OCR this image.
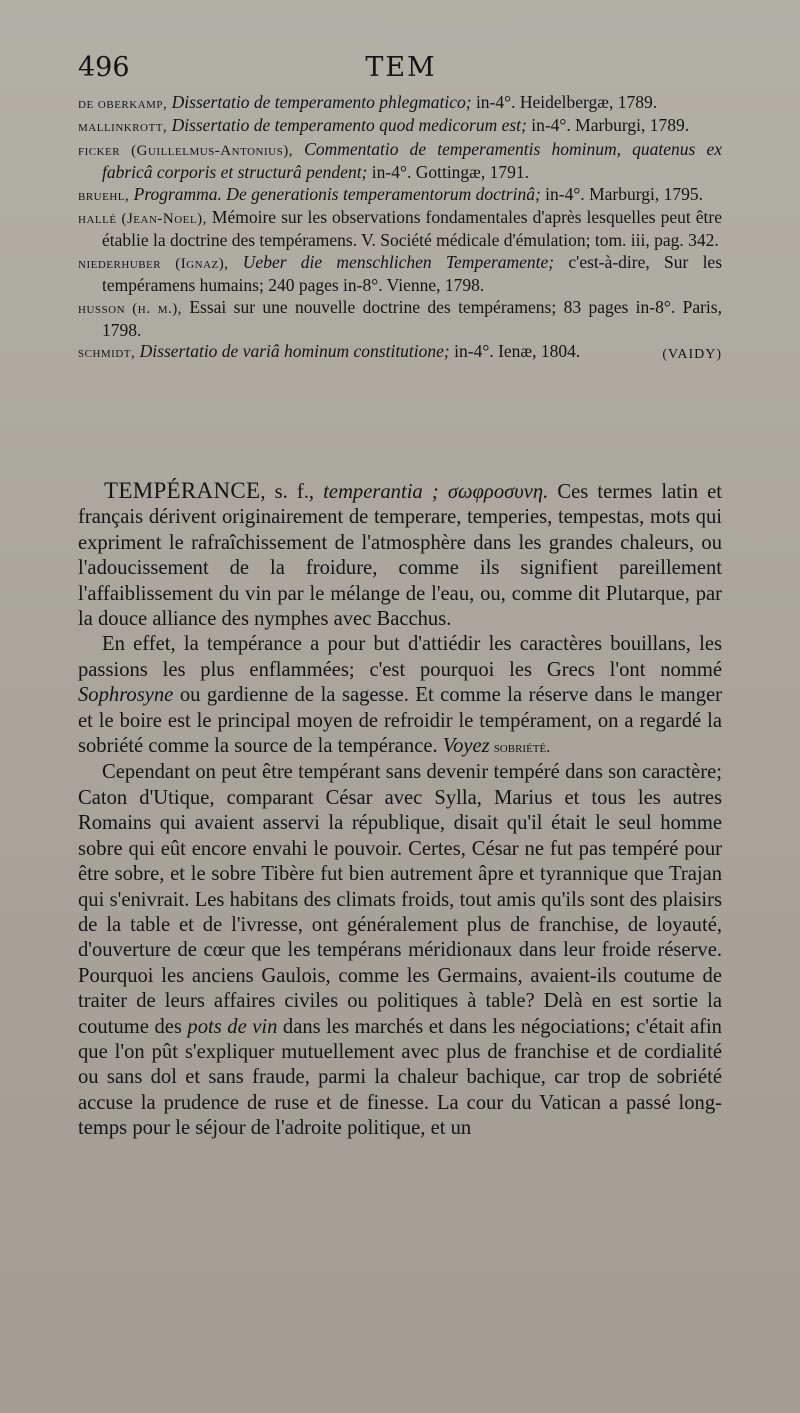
496	TEM

de oberkamp, Dissertatio de temperamento phlegmatico; in-4°. Heidelbergæ, 1789.

mallinkrott, Dissertatio de temperamento quod medicorum est; in-4°. Marburgi, 1789.

ficker (Guillelmus-Antonius), Commentatio de temperamentis hominum, quatenus ex fabricâ corporis et structurâ pendent; in-4°. Gottingæ, 1791.

bruehl, Programma. De generationis temperamentorum doctrinâ; in-4°. Marburgi, 1795.

hallé (Jean-Noel), Mémoire sur les observations fondamentales d'après lesquelles peut être établie la doctrine des tempéramens. V. Société médicale d'émulation; tom. iii, pag. 342.

niederhuber (Ignaz), Ueber die menschlichen Temperamente; c'est-à-dire, Sur les tempéramens humains; 240 pages in-8°. Vienne, 1798.

husson (h. m.), Essai sur une nouvelle doctrine des tempéramens; 83 pages in-8°. Paris, 1798.

schmidt, Dissertatio de variâ hominum constitutione; in-4°. Ienæ, 1804.	(VAIDY)

TEMPÉRANCE, s. f., temperantia ; σωφροσυνη. Ces termes latin et français dérivent originairement de temperare, temperies, tempestas, mots qui expriment le rafraîchissement de l'atmosphère dans les grandes chaleurs, ou l'adoucissement de la froidure, comme ils signifient pareillement l'affaiblissement du vin par le mélange de l'eau, ou, comme dit Plutarque, par la douce alliance des nymphes avec Bacchus.

En effet, la tempérance a pour but d'attiédir les caractères bouillans, les passions les plus enflammées; c'est pourquoi les Grecs l'ont nommé Sophrosyne ou gardienne de la sagesse. Et comme la réserve dans le manger et le boire est le principal moyen de refroidir le tempérament, on a regardé la sobriété comme la source de la tempérance. Voyez sobriété.

Cependant on peut être tempérant sans devenir tempéré dans son caractère; Caton d'Utique, comparant César avec Sylla, Marius et tous les autres Romains qui avaient asservi la république, disait qu'il était le seul homme sobre qui eût encore envahi le pouvoir. Certes, César ne fut pas tempéré pour être sobre, et le sobre Tibère fut bien autrement âpre et tyrannique que Trajan qui s'enivrait. Les habitans des climats froids, tout amis qu'ils sont des plaisirs de la table et de l'ivresse, ont généralement plus de franchise, de loyauté, d'ouverture de cœur que les tempérans méridionaux dans leur froide réserve. Pourquoi les anciens Gaulois, comme les Germains, avaient-ils coutume de traiter de leurs affaires civiles ou politiques à table? Delà en est sortie la coutume des pots de vin dans les marchés et dans les négociations; c'était afin que l'on pût s'expliquer mutuellement avec plus de franchise et de cordialité ou sans dol et sans fraude, parmi la chaleur bachique, car trop de sobriété accuse la prudence de ruse et de finesse. La cour du Vatican a passé long-temps pour le séjour de l'adroite politique, et un
